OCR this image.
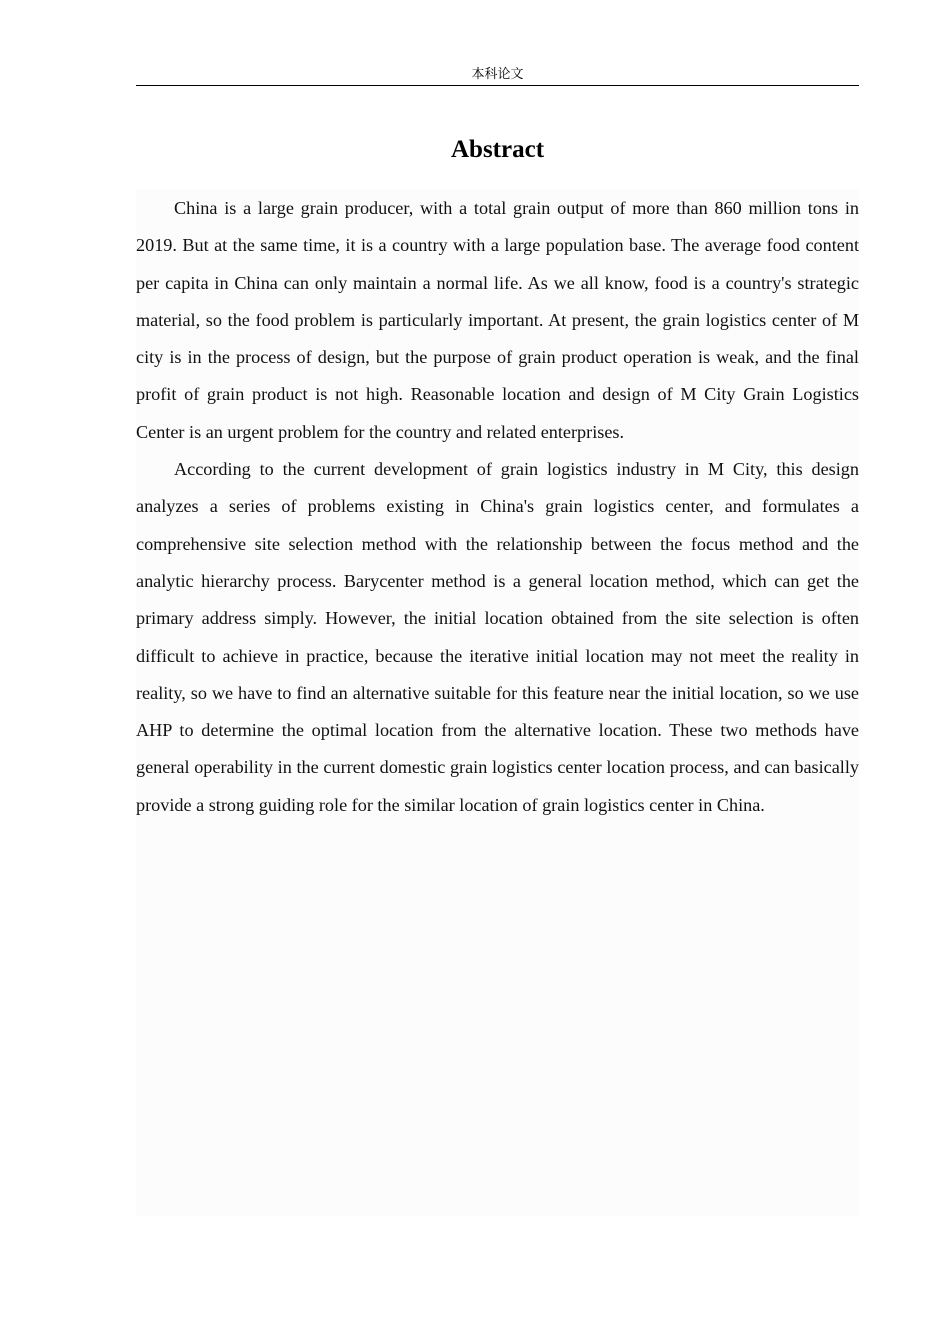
本科论文
Abstract

China is a large grain producer, with a total grain output of more than 860 million tons in 2019. But at the same time, it is a country with a large population base. The average food content per capita in China can only maintain a normal life. As we all know, food is a country's strategic material, so the food problem is particularly important. At present, the grain logistics center of M city is in the process of design, but the purpose of grain product operation is weak, and the final profit of grain product is not high. Reasonable location and design of M City Grain Logistics Center is an urgent problem for the country and related enterprises.

According to the current development of grain logistics industry in M City, this design analyzes a series of problems existing in China's grain logistics center, and formulates a comprehensive site selection method with the relationship between the focus method and the analytic hierarchy process. Barycenter method is a general location method, which can get the primary address simply. However, the initial location obtained from the site selection is often difficult to achieve in practice, because the iterative initial location may not meet the reality in reality, so we have to find an alternative suitable for this feature near the initial location, so we use AHP to determine the optimal location from the alternative location. These two methods have general operability in the current domestic grain logistics center location process, and can basically provide a strong guiding role for the similar location of grain logistics center in China.
